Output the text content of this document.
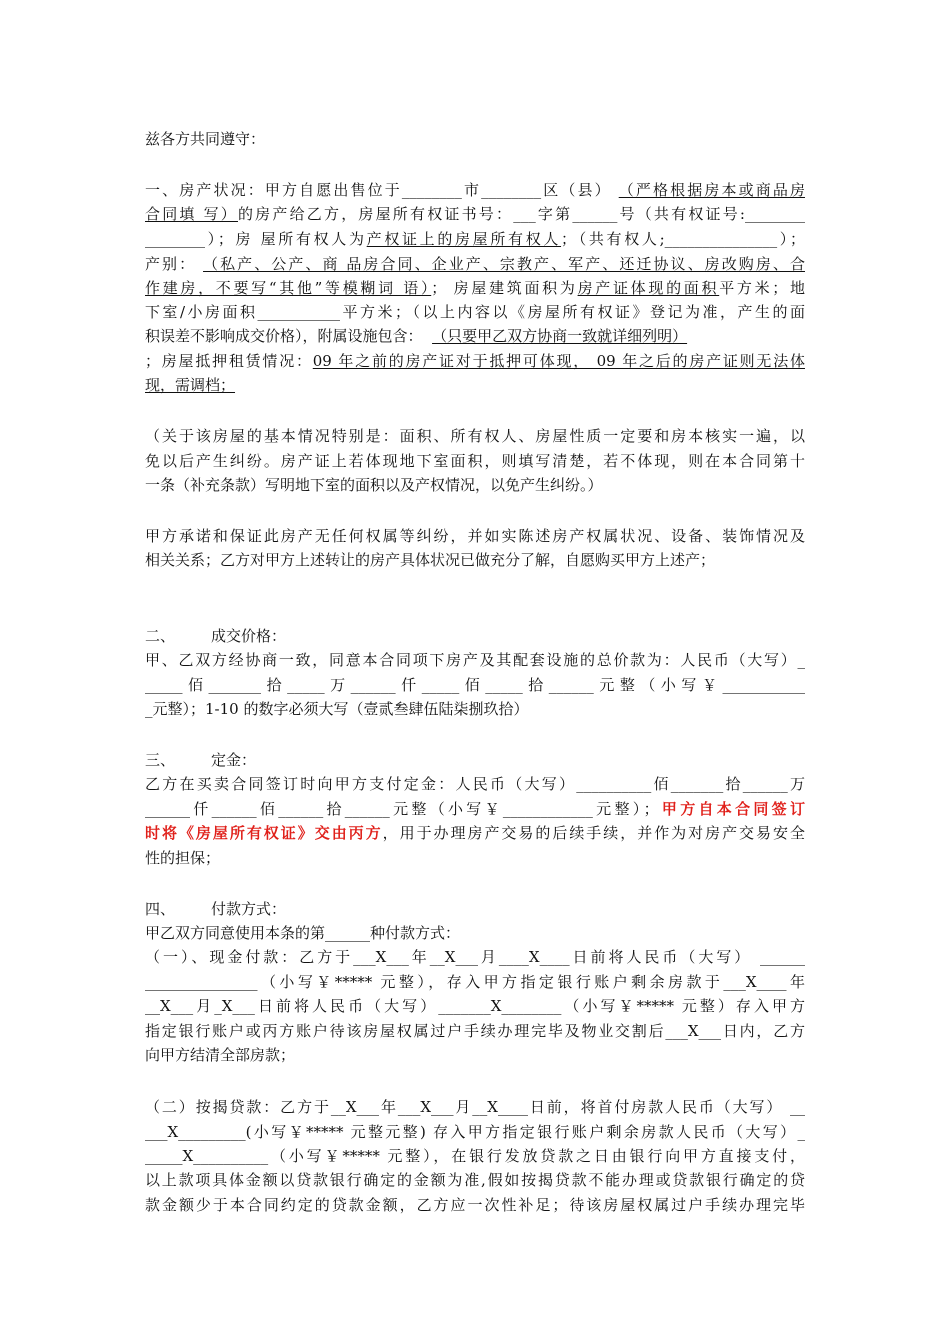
兹各方共同遵守：
一、房产状况：甲方自愿出售位于________市________区（县） （严格根据房本或商品房
合同填 写）的房产给乙方，房屋所有权证书号：___字第______号（共有权证号:________
________）；房 屋所有权人为产权证上的房屋所有权人；（共有权人;_______________）；
产别： （私产、公产、商 品房合同、企业产、宗教产、军产、还迁协议、房改购房、合
作建房，不要写“其他”等模糊词 语）； 房屋建筑面积为房产证体现的面积平方米；地
下室/小房面积___________平方米；（以上内容以《房屋所有权证》登记为准，产生的面
积误差不影响成交价格），附属设施包含： （只要甲乙双方协商一致就详细列明）
；房屋抵押租赁情况：09 年之前的房产证对于抵押可体现， 09 年之后的房产证则无法体
现，需调档；
（关于该房屋的基本情况特别是：面积、所有权人、房屋性质一定要和房本核实一遍，以
免以后产生纠纷。房产证上若体现地下室面积，则填写清楚，若不体现，则在本合同第十
一条（补充条款）写明地下室的面积以及产权情况，以免产生纠纷。）
甲方承诺和保证此房产无任何权属等纠纷，并如实陈述房产权属状况、设备、装饰情况及
相关关系；乙方对甲方上述转让的房产具体状况已做充分了解，自愿购买甲方上述产；
二、 成交价格：
甲、乙双方经协商一致，同意本合同项下房产及其配套设施的总价款为：人民币（大写）_
_____佰_______拾_____万______仟_____佰_____拾______元整（小写￥___________
_元整）；1-10 的数字必须大写（壹贰叁肆伍陆柒捌玖拾）
三、 定金：
乙方在买卖合同签订时向甲方支付定金：人民币（大写）__________佰_______拾______万
______仟______佰______拾______元整（小写￥____________元整）；甲方自本合同签订
时将《房屋所有权证》交由丙方，用于办理房产交易的后续手续，并作为对房产交易安全
性的担保；
四、 付款方式：
甲乙双方同意使用本条的第______种付款方式：
（一）、现金付款：乙方于___X___年__X___月____X____日前将人民币（大写） ______
_______________（小写￥***** 元整），存入甲方指定银行账户剩余房款于___X____年
__X___月_X___日前将人民币（大写）_______X________（小写￥***** 元整）存入甲方
指定银行账户或丙方账户待该房屋权属过户手续办理完毕及物业交割后___X___日内，乙方
向甲方结清全部房款；
（二）按揭贷款：乙方于__X___年___X___月__X____日前，将首付房款人民币（大写） __
___X_________(小写￥***** 元整元整) 存入甲方指定银行账户剩余房款人民币（大写）_
_____X__________（小写￥***** 元整），在银行发放贷款之日由银行向甲方直接支付，
以上款项具体金额以贷款银行确定的金额为准,假如按揭贷款不能办理或贷款银行确定的贷
款金额少于本合同约定的贷款金额，乙方应一次性补足；待该房屋权属过户手续办理完毕
